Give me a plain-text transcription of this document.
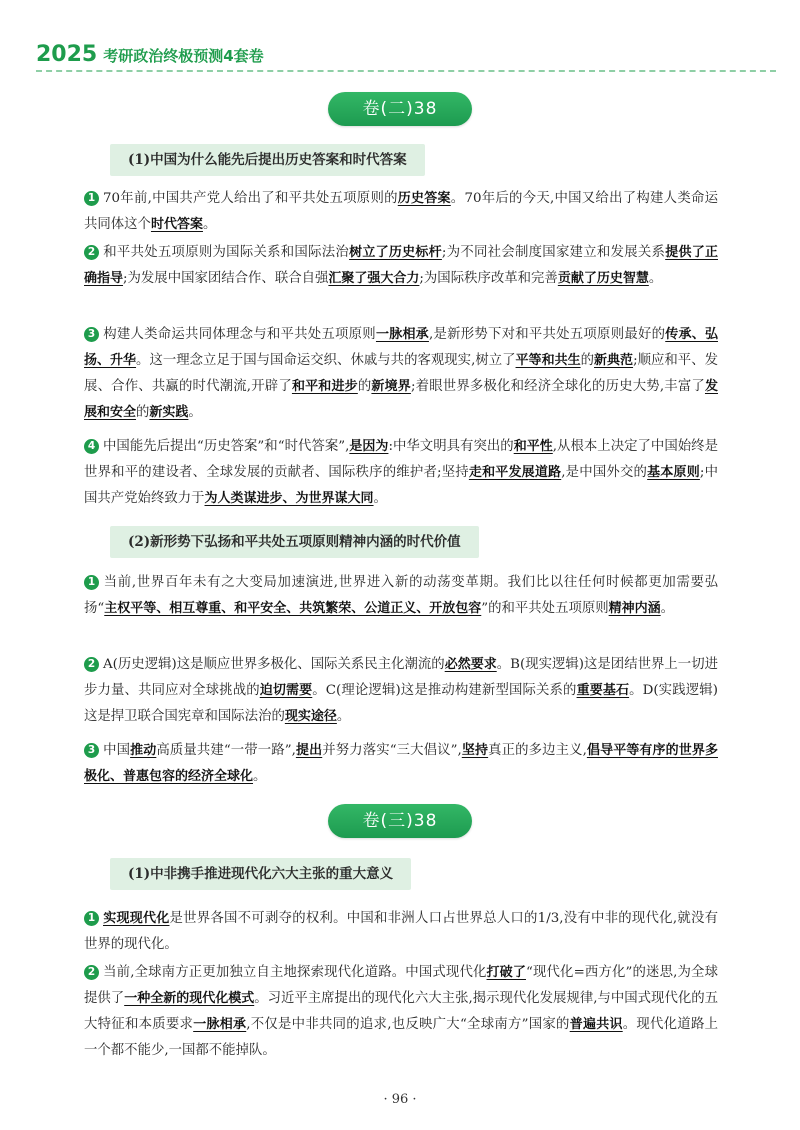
2025 考研政治终极预测4套卷
卷(二)38
(1)中国为什么能先后提出历史答案和时代答案
1 70年前,中国共产党人给出了和平共处五项原则的历史答案。70年后的今天,中国又给出了构建人类命运共同体这个时代答案。
2 和平共处五项原则为国际关系和国际法治树立了历史标杆;为不同社会制度国家建立和发展关系提供了正确指导;为发展中国家团结合作、联合自强汇聚了强大合力;为国际秩序改革和完善贡献了历史智慧。
3 构建人类命运共同体理念与和平共处五项原则一脉相承,是新形势下对和平共处五项原则最好的传承、弘扬、升华。这一理念立足于国与国命运交织、休戚与共的客观现实,树立了平等和共生的新典范;顺应和平、发展、合作、共赢的时代潮流,开辟了和平和进步的新境界;着眼世界多极化和经济全球化的历史大势,丰富了发展和安全的新实践。
4 中国能先后提出“历史答案”和“时代答案”,是因为:中华文明具有突出的和平性,从根本上决定了中国始终是世界和平的建设者、全球发展的贡献者、国际秩序的维护者;坚持走和平发展道路,是中国外交的基本原则;中国共产党始终致力于为人类谋进步、为世界谋大同。
(2)新形势下弘扬和平共处五项原则精神内涵的时代价值
1 当前,世界百年未有之大变局加速演进,世界进入新的动荡变革期。我们比以往任何时候都更加需要弘扬“主权平等、相互尊重、和平安全、共筑繁荣、公道正义、开放包容”的和平共处五项原则精神内涵。
2 A(历史逻辑)这是顺应世界多极化、国际关系民主化潮流的必然要求。B(现实逻辑)这是团结世界上一切进步力量、共同应对全球挑战的迫切需要。C(理论逻辑)这是推动构建新型国际关系的重要基石。D(实践逻辑)这是捍卫联合国宪章和国际法治的现实途径。
3 中国推动高质量共建“一带一路”,提出并努力落实“三大倡议”,坚持真正的多边主义,倡导平等有序的世界多极化、普惠包容的经济全球化。
卷(三)38
(1)中非携手推进现代化六大主张的重大意义
1 实现现代化是世界各国不可剥夺的权利。中国和非洲人口占世界总人口的1/3,没有中非的现代化,就没有世界的现代化。
2 当前,全球南方正更加独立自主地探索现代化道路。中国式现代化打破了“现代化=西方化”的迷思,为全球提供了一种全新的现代化模式。习近平主席提出的现代化六大主张,揭示现代化发展规律,与中国式现代化的五大特征和本质要求一脉相承,不仅是中非共同的追求,也反映广大“全球南方”国家的普遍共识。现代化道路上一个都不能少,一国都不能掉队。
· 96 ·
